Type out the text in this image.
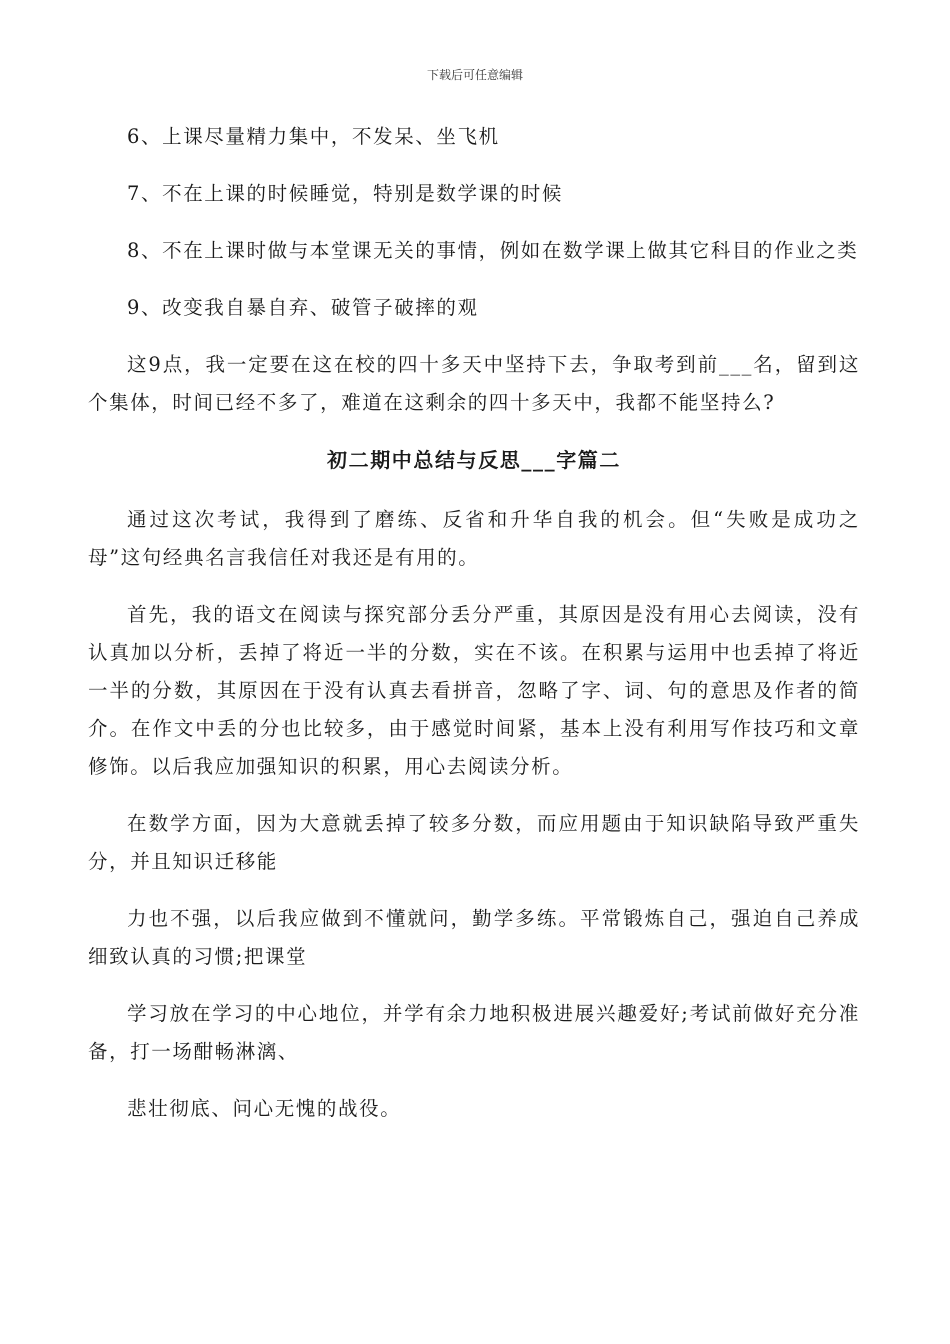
下载后可任意编辑

6、上课尽量精力集中，不发呆、坐飞机

7、不在上课的时候睡觉，特别是数学课的时候

8、不在上课时做与本堂课无关的事情，例如在数学课上做其它科目的作业之类

9、改变我自暴自弃、破管子破摔的观

这9点，我一定要在这在校的四十多天中坚持下去，争取考到前___名，留到这个集体，时间已经不多了，难道在这剩余的四十多天中，我都不能坚持么?

初二期中总结与反思___字篇二

通过这次考试，我得到了磨练、反省和升华自我的机会。但“失败是成功之母”这句经典名言我信任对我还是有用的。

首先，我的语文在阅读与探究部分丢分严重，其原因是没有用心去阅读，没有认真加以分析，丢掉了将近一半的分数，实在不该。在积累与运用中也丢掉了将近一半的分数，其原因在于没有认真去看拼音，忽略了字、词、句的意思及作者的简介。在作文中丢的分也比较多，由于感觉时间紧，基本上没有利用写作技巧和文章修饰。以后我应加强知识的积累，用心去阅读分析。

在数学方面，因为大意就丢掉了较多分数，而应用题由于知识缺陷导致严重失分，并且知识迁移能

力也不强，以后我应做到不懂就问，勤学多练。平常锻炼自己，强迫自己养成细致认真的习惯;把课堂

学习放在学习的中心地位，并学有余力地积极进展兴趣爱好;考试前做好充分准备，打一场酣畅淋漓、

悲壮彻底、问心无愧的战役。
